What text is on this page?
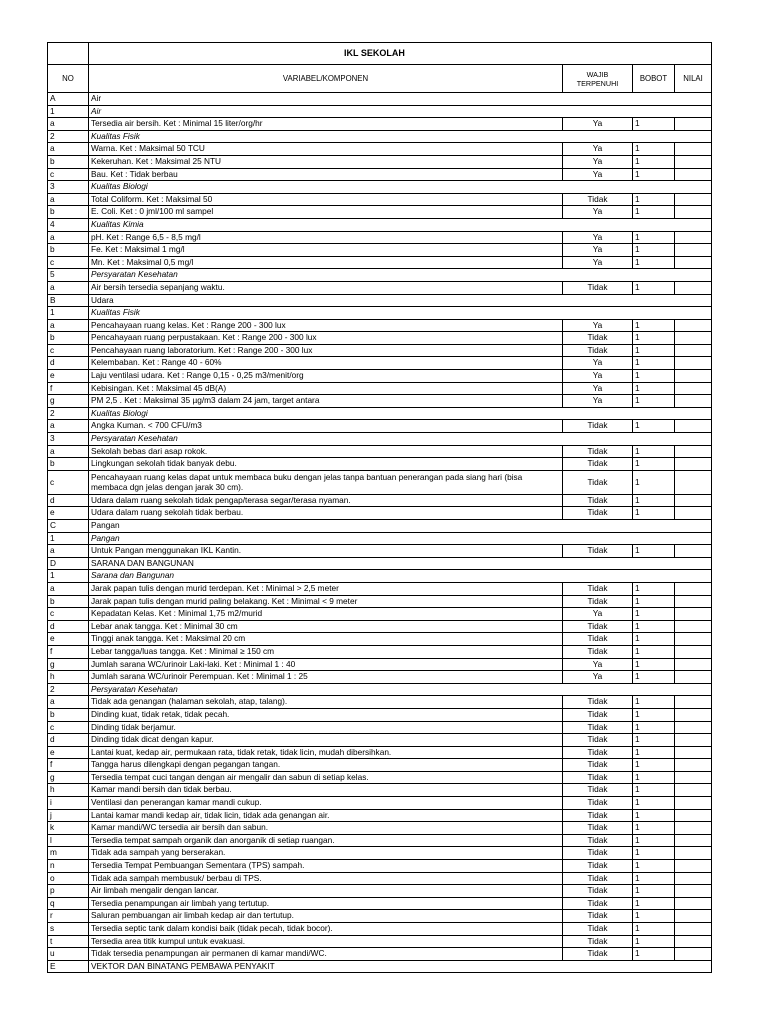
	IKL SEKOLAH			
NO	VARIABEL/KOMPONEN	WAJIB TERPENUHI	BOBOT	NILAI
A	Air			
1	Air			
a	Tersedia air bersih. Ket : Minimal 15 liter/org/hr	Ya	1	
2	Kualitas Fisik			
a	Warna. Ket : Maksimal 50 TCU	Ya	1	
b	Kekeruhan. Ket : Maksimal 25 NTU	Ya	1	
c	Bau. Ket : Tidak berbau	Ya	1	
3	Kualitas Biologi			
a	Total Coliform. Ket : Maksimal 50	Tidak	1	
b	E. Coli. Ket : 0 jml/100 ml sampel	Ya	1	
4	Kualitas Kimia			
a	pH. Ket : Range 6,5 - 8,5 mg/l	Ya	1	
b	Fe. Ket : Maksimal 1 mg/l	Ya	1	
c	Mn. Ket : Maksimal 0,5 mg/l	Ya	1	
5	Persyaratan Kesehatan			
a	Air bersih tersedia sepanjang waktu.	Tidak	1	
B	Udara			
1	Kualitas Fisik			
a	Pencahayaan ruang kelas. Ket : Range 200 - 300 lux	Ya	1	
b	Pencahayaan ruang perpustakaan. Ket : Range 200 - 300 lux	Tidak	1	
c	Pencahayaan ruang laboratorium. Ket : Range 200 - 300 lux	Tidak	1	
d	Kelembaban. Ket : Range 40 - 60%	Ya	1	
e	Laju ventilasi udara. Ket : Range 0,15 - 0,25 m3/menit/org	Ya	1	
f	Kebisingan. Ket : Maksimal 45 dB(A)	Ya	1	
g	PM 2,5 . Ket : Maksimal 35 µg/m3 dalam 24 jam, target antara	Ya	1	
2	Kualitas Biologi			
a	Angka Kuman. < 700 CFU/m3	Tidak	1	
3	Persyaratan Kesehatan			
a	Sekolah bebas dari asap rokok.	Tidak	1	
b	Lingkungan sekolah tidak banyak debu.	Tidak	1	
c	Pencahayaan ruang kelas dapat untuk membaca buku dengan jelas tanpa bantuan penerangan pada siang hari (bisa membaca dgn jelas dengan jarak 30 cm).	Tidak	1	
d	Udara dalam ruang sekolah tidak pengap/terasa segar/terasa nyaman.	Tidak	1	
e	Udara dalam ruang sekolah tidak berbau.	Tidak	1	
C	Pangan			
1	Pangan			
a	Untuk Pangan menggunakan IKL Kantin.	Tidak	1	
D	SARANA DAN BANGUNAN			
1	Sarana dan Bangunan			
a	Jarak papan tulis dengan murid terdepan. Ket : Minimal > 2,5 meter	Tidak	1	
b	Jarak papan tulis dengan murid paling belakang. Ket : Minimal < 9 meter	Tidak	1	
c	Kepadatan Kelas. Ket : Minimal 1,75 m2/murid	Ya	1	
d	Lebar anak tangga. Ket : Minimal 30 cm	Tidak	1	
e	Tinggi anak tangga. Ket : Maksimal 20 cm	Tidak	1	
f	Lebar tangga/luas tangga. Ket : Minimal ≥ 150 cm	Tidak	1	
g	Jumlah sarana WC/urinoir Laki-laki. Ket : Minimal 1 : 40	Ya	1	
h	Jumlah sarana WC/urinoir Perempuan. Ket : Minimal 1 : 25	Ya	1	
2	Persyaratan Kesehatan			
a	Tidak ada genangan (halaman sekolah, atap, talang).	Tidak	1	
b	Dinding kuat, tidak retak, tidak pecah.	Tidak	1	
c	Dinding tidak berjamur.	Tidak	1	
d	Dinding tidak dicat dengan kapur.	Tidak	1	
e	Lantai kuat, kedap air, permukaan rata, tidak retak, tidak licin, mudah dibersihkan.	Tidak	1	
f	Tangga harus dilengkapi dengan pegangan tangan.	Tidak	1	
g	Tersedia tempat cuci tangan dengan air mengalir dan sabun di setiap kelas.	Tidak	1	
h	Kamar mandi bersih dan tidak berbau.	Tidak	1	
i	Ventilasi dan penerangan kamar mandi cukup.	Tidak	1	
j	Lantai kamar mandi kedap air, tidak licin, tidak ada genangan air.	Tidak	1	
k	Kamar mandi/WC tersedia air bersih dan sabun.	Tidak	1	
l	Tersedia tempat sampah organik dan anorganik di setiap ruangan.	Tidak	1	
m	Tidak ada sampah yang berserakan.	Tidak	1	
n	Tersedia Tempat Pembuangan Sementara (TPS) sampah.	Tidak	1	
o	Tidak ada sampah membusuk/ berbau di TPS.	Tidak	1	
p	Air limbah mengalir dengan lancar.	Tidak	1	
q	Tersedia penampungan air limbah yang tertutup.	Tidak	1	
r	Saluran pembuangan air limbah kedap air dan tertutup.	Tidak	1	
s	Tersedia septic tank dalam kondisi baik (tidak pecah, tidak bocor).	Tidak	1	
t	Tersedia area titik kumpul untuk evakuasi.	Tidak	1	
u	Tidak tersedia penampungan air permanen di kamar mandi/WC.	Tidak	1	
E	VEKTOR DAN BINATANG PEMBAWA PENYAKIT			
